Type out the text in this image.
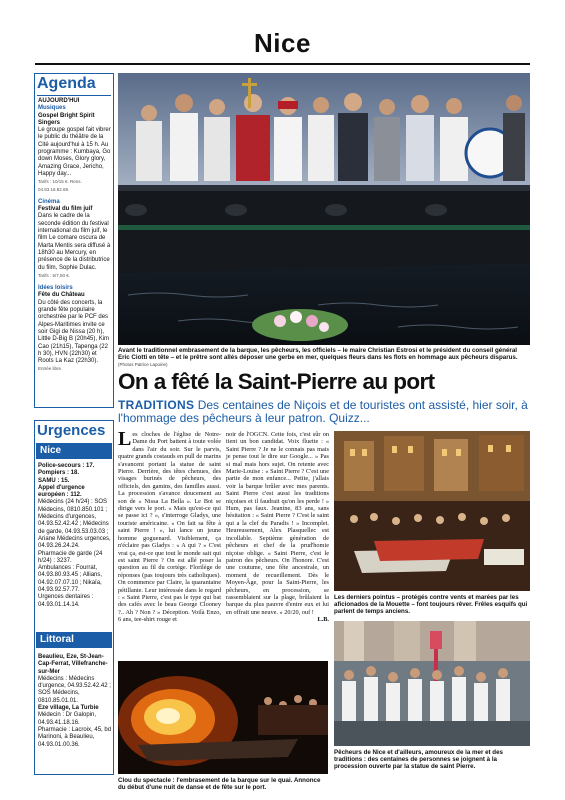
Nice
Agenda
AUJOURD'HUI
Musiques
Gospel Bright Spirit Singers
Le groupe gospel fait vibrer le public du théâtre de la Cité aujourd'hui à 15 h. Au programme : Kumbaya, Go down Moses, Glory glory, Amazing Grace, Jericho, Happy day...
Tarifs : 10/15 €. Rens. 04.93.16.82.69.
Cinéma
Festival du film juif
Dans le cadre de la seconde édition du festival international du film juif, le film Le comare oscura de Marta Mentis sera diffusé à 18h30 au Mercury, en présence de la distributrice du film, Sophie Dulac.
Tarifs : 5/7,50 €.
Idées loisirs
Fête du Château
Du côté des concerts, la grande fête populaire orchestrée par le PCF des Alpes-Maritimes invite ce soir Gigi de Nissa (20 h), Little D-Big B (20h45), Kim Cao (21h15), Tapenga (22 h 30), HVN (22h30) et Roots La Kaz (22h30).
Entrée libre.
Urgences
Nice
Police-secours : 17.
Pompiers : 18.
SAMU : 15.
Appel d'urgence européen : 112.
Médecins (24 h/24) : SOS Médecins, 0810.850.101 ; Médecins d'urgences, 04.93.52.42.42 ; Médecins de garde, 04.93.53.03.03 ; Ariane Médecins urgences, 04.93.26.24.24.
Pharmacie de garde (24 h/24) : 3237.
Ambulances : Fourrat, 04.93.80.93.45 ; Allians, 04.92.07.07.10 ; Nikaïa, 04.93.92.57.77.
Urgences dentaires : 04.93.01.14.14.
Littoral
Beaulieu, Eze, St-Jean-Cap-Ferrat, Villefranche-sur-Mer
Médecins : Médecins d'urgence, 04.93.52.42.42 ; SOS Médecins, 0810.85.01.01.
Eze village, La Turbie
Médecin : Dr Galopin, 04.93.41.18.16.
Pharmacie : Lacroix, 45, bd Marinoni, à Beaulieu, 04.93.01.00.36.
Avant le traditionnel embrasement de la barque, les pêcheurs, les officiels – le maire Christian Estrosi et le président du conseil général Eric Ciotti en tête – et le prêtre sont allés déposer une gerbe en mer, quelques fleurs dans les flots en hommage aux pêcheurs disparus. (Photos Patrice Lapoirie)
On a fêté la Saint-Pierre au port
TRADITIONS Des centaines de Niçois et de touristes ont assisté, hier soir, à l'hommage des pêcheurs à leur patron. Quizz...
L es cloches de l'église de Notre-Dame du Port battent à toute volée dans l'air du soir. Sur le parvis, quatre grands costauds en pull de marins s'avancent portant la statue de saint Pierre. Derrière, des têtes chenues, des visages burinés de pêcheurs, des officiels, des gamins, des familles aussi. La procession s'avance doucement au son de « Nissa La Bella ». Le Bot se dirige vers le port. « Mais qu'est-ce qui se passe ici ? », s'interroge Gladys, une touriste américaine. « On fait sa fête à saint Pierre ! », lui lance un jeune homme goguenard. Visiblement, ça n'éclaire pas Gladys : « A qui ? » C'est vrai ça, est-ce que tout le monde sait qui est saint Pierre ? On est allé poser la question au fil du cortège. Florilège de réponses (pas toujours très catholiques). On commence par Claire, la quarantaine pétillante. Leur intéressée dans le regard : « Saint Pierre, c'est pas le type qui bat des cafés avec le beau George Clooney ?.. Ah ? Non ? » Déception. Voilà Enzo, 6 ans, tee-shirt rouge et
noir de l'OGCN. Cette fois, c'est sûr on tient un bon candidat. Voix fluette : « Saint Pierre ? Je ne le connais pas mais je pense tout le dire sur Google... » Pas si mal mais hors sujet. On retente avec Marie-Louise : « Saint Pierre ? C'est une partie de mon enfance... Petite, j'allais voir la barque brûler avec mes parents. Saint Pierre c'est aussi les traditions niçoises et il faudrait qu'on les perde ! » Hum, pas faux. Jeanine, 83 ans, sans hésitation : « Saint Pierre ? C'est le saint qui a la clef du Paradis ! » Incomplet. Heureusement, Alex Plasquellec est incollable. Septième génération de pêcheurs et chef de la prud'homie niçoise oblige. « Saint Pierre, c'est le patron des pêcheurs. On l'honore. C'est une coutume, une fête ancestrale, un moment de recueillement. Dès le Moyen-Âge, pour la Saint-Pierre, les pêcheurs, en procession, se rassemblaient sur la plage, brûlaient la barque du plus pauvre d'entre eux et lui en offrait une neuve. » 20/20, ouf !
L.B.
Les derniers pointus – protégés contre vents et marées par les aficionados de la Mouette – font toujours rêver. Frêles esquifs qui parlent de temps anciens.
Clou du spectacle : l'embrasement de la barque sur le quai. Annonce du début d'une nuit de danse et de fête sur le port.
Pêcheurs de Nice et d'ailleurs, amoureux de la mer et des traditions : des centaines de personnes se joignent à la procession ouverte par la statue de saint Pierre.
